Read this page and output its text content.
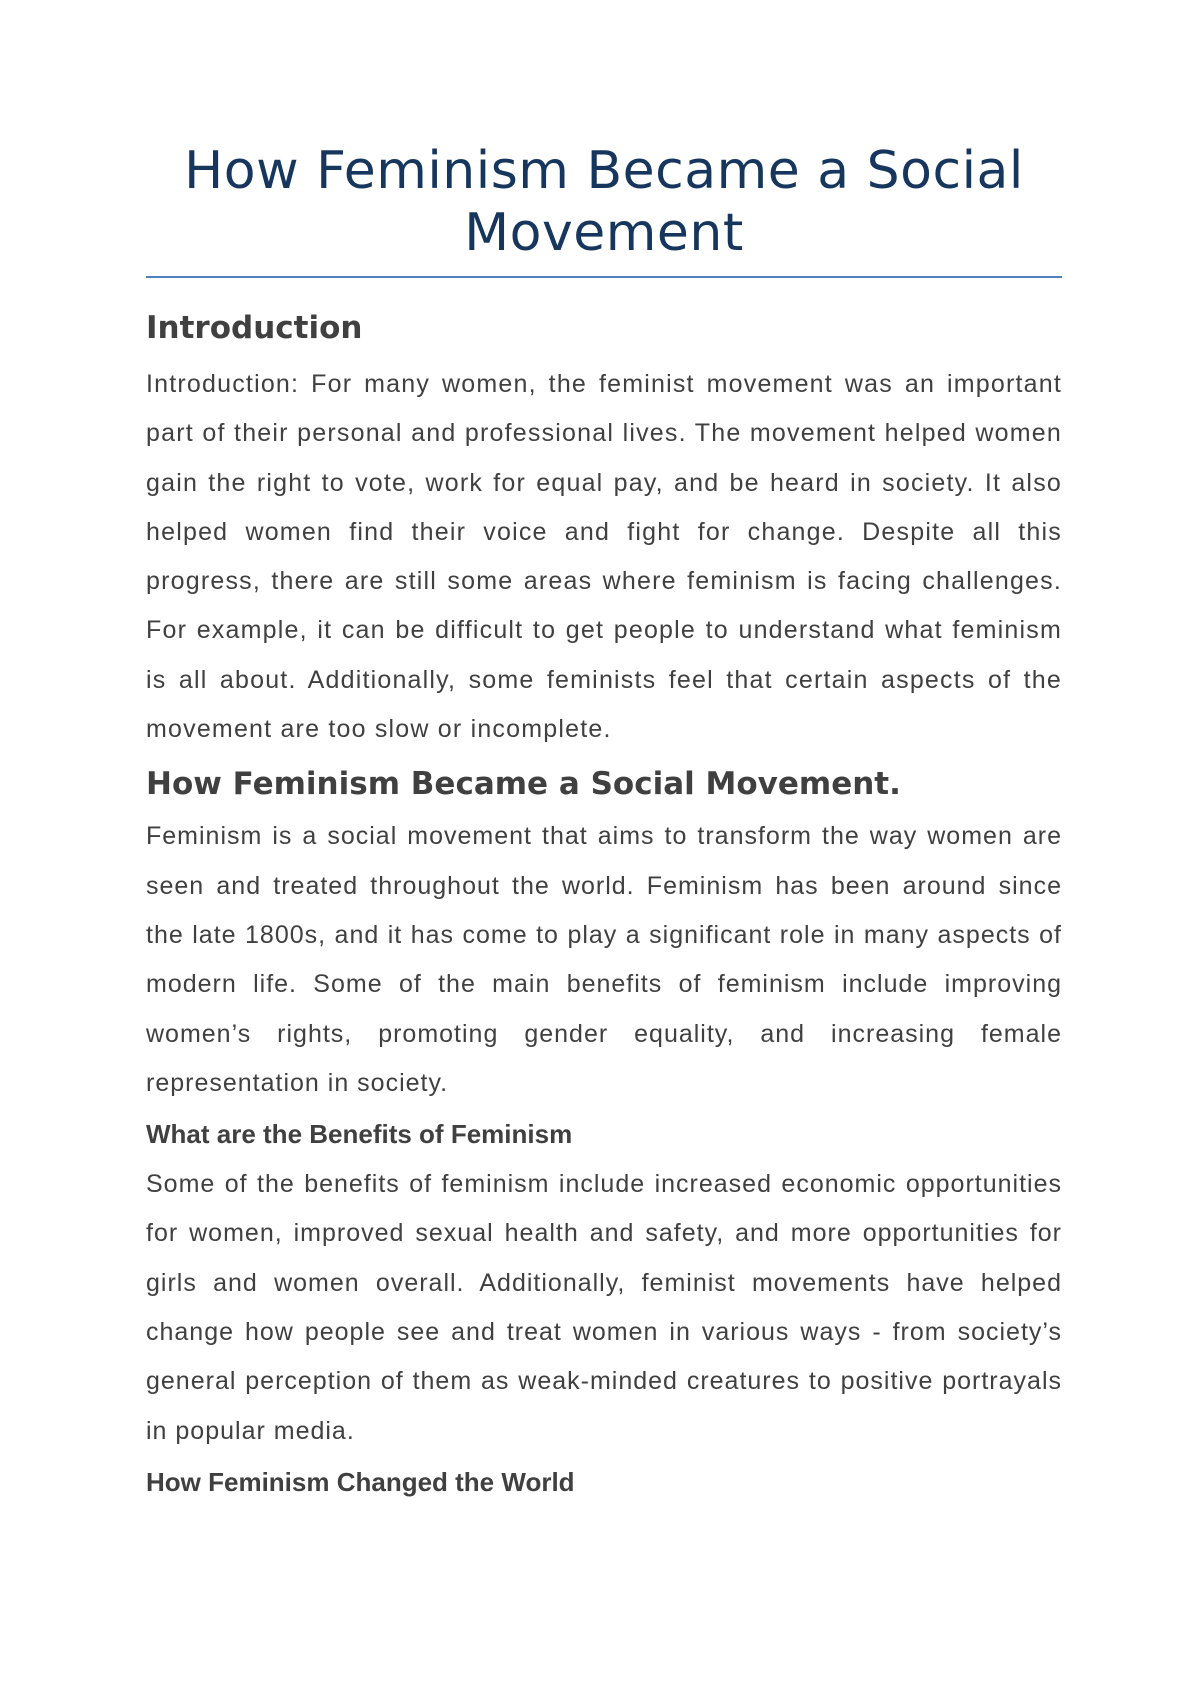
How Feminism Became a Social Movement
Introduction

Introduction: For many women, the feminist movement was an important part of their personal and professional lives. The movement helped women gain the right to vote, work for equal pay, and be heard in society. It also helped women find their voice and fight for change. Despite all this progress, there are still some areas where feminism is facing challenges. For example, it can be difficult to get people to understand what feminism is all about. Additionally, some feminists feel that certain aspects of the movement are too slow or incomplete.

How Feminism Became a Social Movement.

Feminism is a social movement that aims to transform the way women are seen and treated throughout the world. Feminism has been around since the late 1800s, and it has come to play a significant role in many aspects of modern life. Some of the main benefits of feminism include improving women’s rights, promoting gender equality, and increasing female representation in society.

What are the Benefits of Feminism

Some of the benefits of feminism include increased economic opportunities for women, improved sexual health and safety, and more opportunities for girls and women overall. Additionally, feminist movements have helped change how people see and treat women in various ways - from society’s general perception of them as weak-minded creatures to positive portrayals in popular media.

How Feminism Changed the World
